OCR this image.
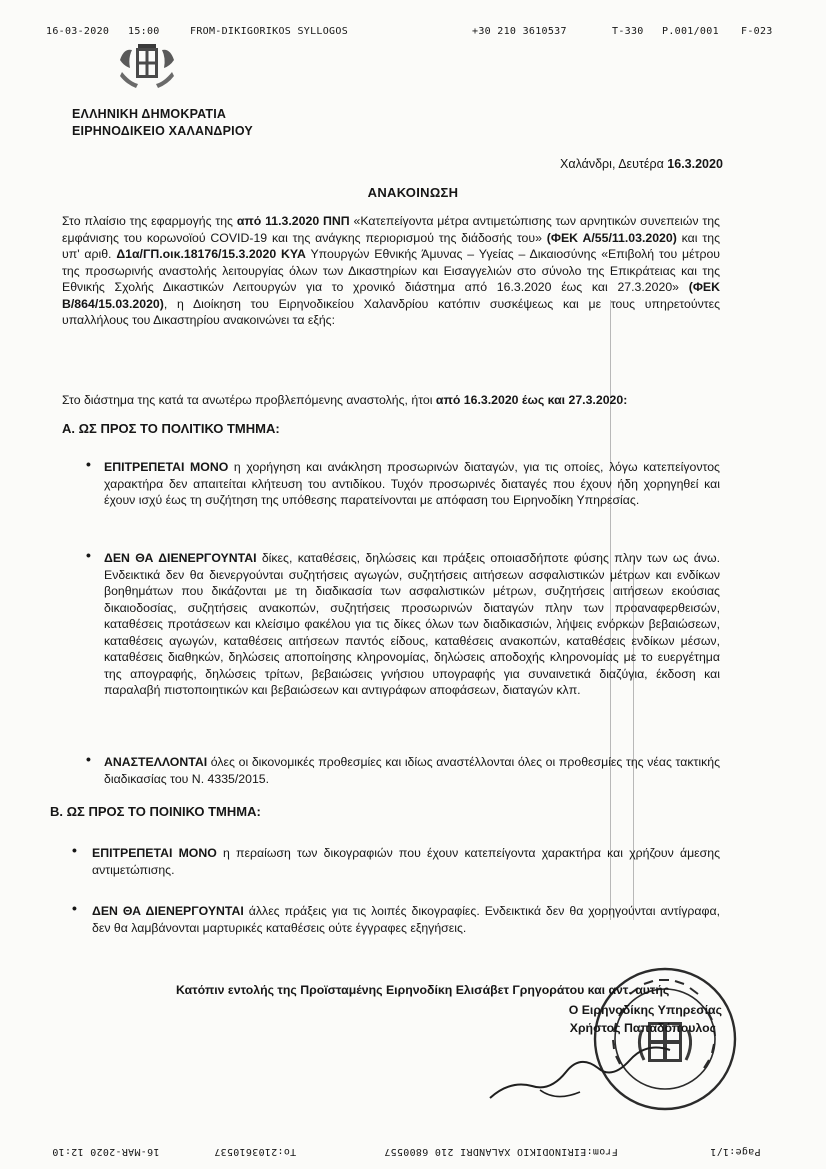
16-03-2020 15:00	FROM-DIKIGORIKOS SYLLOGOS	+30 210 3610537	T-330 P.001/001 F-023
ΕΛΛΗΝΙΚΗ ΔΗΜΟΚΡΑΤΙΑ
ΕΙΡΗΝΟΔΙΚΕΙΟ ΧΑΛΑΝΔΡΙΟΥ
Χαλάνδρι, Δευτέρα 16.3.2020
ΑΝΑΚΟΙΝΩΣΗ

Στο πλαίσιο της εφαρμογής της από 11.3.2020 ΠΝΠ «Κατεπείγοντα μέτρα αντιμετώπισης των αρνητικών συνεπειών της εμφάνισης του κορωνοϊού COVID-19 και της ανάγκης περιορισμού της διάδοσής του» (ΦΕΚ Α/55/11.03.2020) και της υπ' αριθ. Δ1α/ΓΠ.οικ.18176/15.3.2020 ΚΥΑ Υπουργών Εθνικής Άμυνας – Υγείας – Δικαιοσύνης «Επιβολή του μέτρου της προσωρινής αναστολής λειτουργίας όλων των Δικαστηρίων και Εισαγγελιών στο σύνολο της Επικράτειας και της Εθνικής Σχολής Δικαστικών Λειτουργών για το χρονικό διάστημα από 16.3.2020 έως και 27.3.2020» (ΦΕΚ Β/864/15.03.2020), η Διοίκηση του Ειρηνοδικείου Χαλανδρίου κατόπιν συσκέψεως και με τους υπηρετούντες υπαλλήλους του Δικαστηρίου ανακοινώνει τα εξής:

Στο διάστημα της κατά τα ανωτέρω προβλεπόμενης αναστολής, ήτοι από 16.3.2020 έως και 27.3.2020:

Α. ΩΣ ΠΡΟΣ ΤΟ ΠΟΛΙΤΙΚΟ ΤΜΗΜΑ:
• ΕΠΙΤΡΕΠΕΤΑΙ ΜΟΝΟ η χορήγηση και ανάκληση προσωρινών διαταγών, για τις οποίες, λόγω κατεπείγοντος χαρακτήρα δεν απαιτείται κλήτευση του αντιδίκου. Τυχόν προσωρινές διαταγές που έχουν ήδη χορηγηθεί και έχουν ισχύ έως τη συζήτηση της υπόθεσης παρατείνονται με απόφαση του Ειρηνοδίκη Υπηρεσίας.

• ΔΕΝ ΘΑ ΔΙΕΝΕΡΓΟΥΝΤΑΙ δίκες, καταθέσεις, δηλώσεις και πράξεις οποιασδήποτε φύσης πλην των ως άνω. Ενδεικτικά δεν θα διενεργούνται συζητήσεις αγωγών, συζητήσεις αιτήσεων ασφαλιστικών μέτρων και ενδίκων βοηθημάτων που δικάζονται με τη διαδικασία των ασφαλιστικών μέτρων, συζητήσεις αιτήσεων εκούσιας δικαιοδοσίας, συζητήσεις ανακοπών, συζητήσεις προσωρινών διαταγών πλην των προαναφερθεισών, καταθέσεις προτάσεων και κλείσιμο φακέλου για τις δίκες όλων των διαδικασιών, λήψεις ενόρκων βεβαιώσεων, καταθέσεις αγωγών, καταθέσεις αιτήσεων παντός είδους, καταθέσεις ανακοπών, καταθέσεις ενδίκων μέσων, καταθέσεις διαθηκών, δηλώσεις αποποίησης κληρονομίας, δηλώσεις αποδοχής κληρονομίας με το ευεργέτημα της απογραφής, δηλώσεις τρίτων, βεβαιώσεις γνήσιου υπογραφής για συναινετικά διαζύγια, έκδοση και παραλαβή πιστοποιητικών και βεβαιώσεων και αντιγράφων αποφάσεων, διαταγών κλπ.

• ΑΝΑΣΤΕΛΛΟΝΤΑΙ όλες οι δικονομικές προθεσμίες και ιδίως αναστέλλονται όλες οι προθεσμίες της νέας τακτικής διαδικασίας του Ν. 4335/2015.

Β. ΩΣ ΠΡΟΣ ΤΟ ΠΟΙΝΙΚΟ ΤΜΗΜΑ:
• ΕΠΙΤΡΕΠΕΤΑΙ ΜΟΝΟ η περαίωση των δικογραφιών που έχουν κατεπείγοντα χαρακτήρα και χρήζουν άμεσης αντιμετώπισης.

• ΔΕΝ ΘΑ ΔΙΕΝΕΡΓΟΥΝΤΑΙ άλλες πράξεις για τις λοιπές δικογραφίες. Ενδεικτικά δεν θα χορηγούνται αντίγραφα, δεν θα λαμβάνονται μαρτυρικές καταθέσεις ούτε έγγραφες εξηγήσεις.

Κατόπιν εντολής της Προϊσταμένης Ειρηνοδίκη Ελισάβετ Γρηγοράτου και αντ. αυτής
Ο Ειρηνοδίκης Υπηρεσίας
Χρήστος Παπαδόπουλος
16-MAR-2020 12:10	From:EIRINODIKIO XALANDRI 210 6800557
To:2103610537	Page:1/1
